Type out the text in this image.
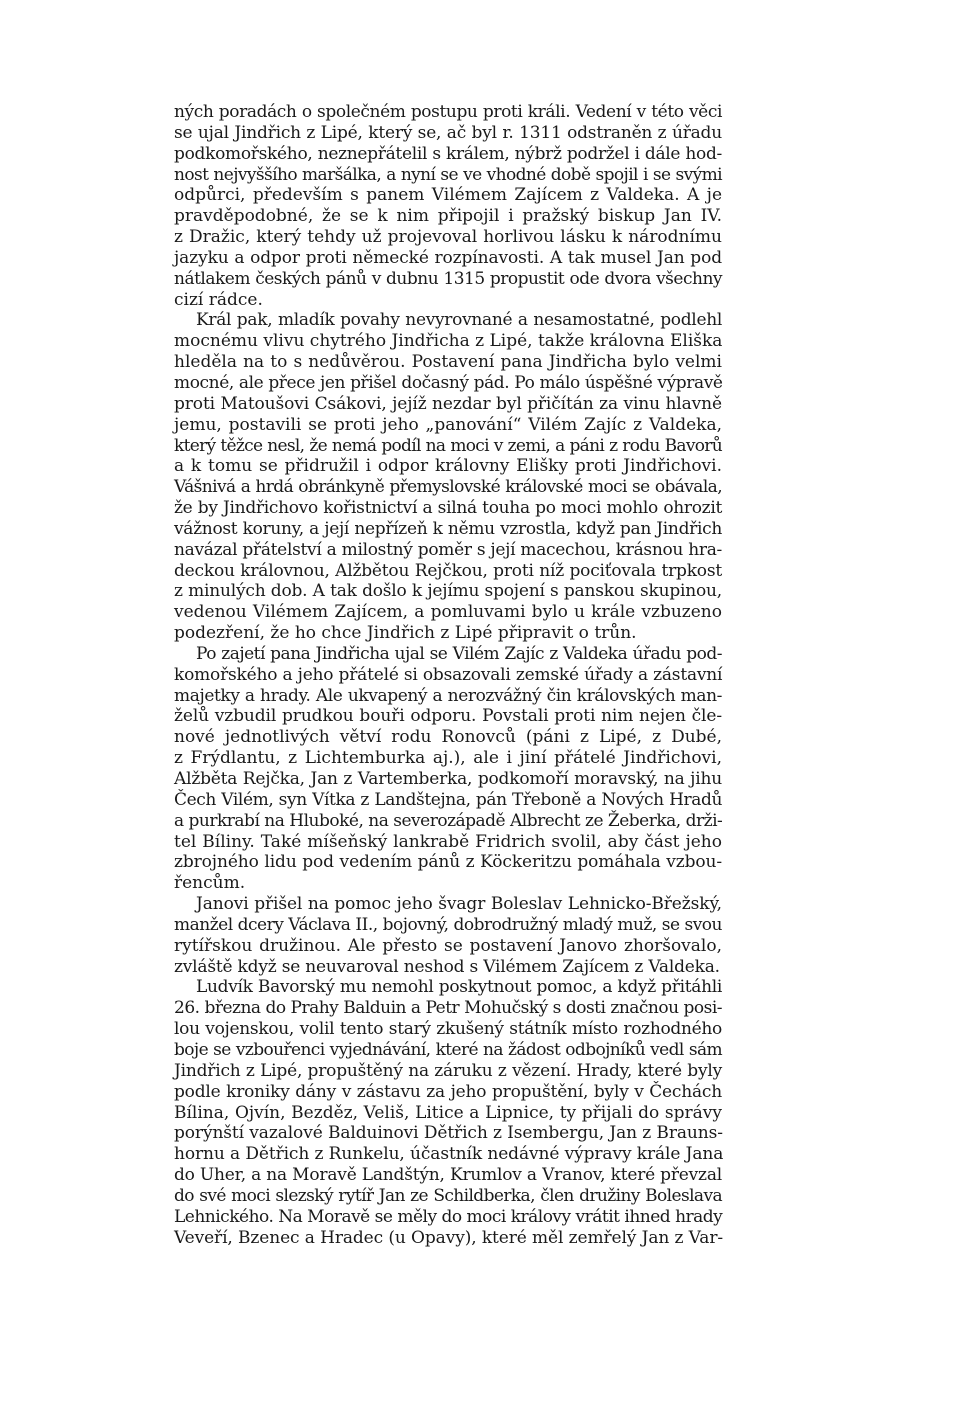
ných poradách o společném postupu proti králi. Vedení v této věci
se ujal Jindřich z Lipé, který se, ač byl r. 1311 odstraněn z úřadu
podkomořského, neznepřátelil s králem, nýbrž podržel i dále hod-
nost nejvyššího maršálka, a nyní se ve vhodné době spojil i se svými
odpůrci, především s panem Vilémem Zajícem z Valdeka. A je
pravděpodobné, že se k nim připojil i pražský biskup Jan IV.
z Dražic, který tehdy už projevoval horlivou lásku k národnímu
jazyku a odpor proti německé rozpínavosti. A tak musel Jan pod
nátlakem českých pánů v dubnu 1315 propustit ode dvora všechny
cizí rádce.
Král pak, mladík povahy nevyrovnané a nesamostatné, podlehl
mocnému vlivu chytrého Jindřicha z Lipé, takže královna Eliška
hleděla na to s nedůvěrou. Postavení pana Jindřicha bylo velmi
mocné, ale přece jen přišel dočasný pád. Po málo úspěšné výpravě
proti Matoušovi Csákovi, jejíž nezdar byl přičítán za vinu hlavně
jemu, postavili se proti jeho „panování“ Vilém Zajíc z Valdeka,
který těžce nesl, že nemá podíl na moci v zemi, a páni z rodu Bavorů
a k tomu se přidružil i odpor královny Elišky proti Jindřichovi.
Vášnivá a hrdá obránkyně přemyslovské královské moci se obávala,
že by Jindřichovo kořistnictví a silná touha po moci mohlo ohrozit
vážnost koruny, a její nepřízeň k němu vzrostla, když pan Jindřich
navázal přátelství a milostný poměr s její macechou, krásnou hra-
deckou královnou, Alžbětou Rejčkou, proti níž pociťovala trpkost
z minulých dob. A tak došlo k jejímu spojení s panskou skupinou,
vedenou Vilémem Zajícem, a pomluvami bylo u krále vzbuzeno
podezření, že ho chce Jindřich z Lipé připravit o trůn.
Po zajetí pana Jindřicha ujal se Vilém Zajíc z Valdeka úřadu pod-
komořského a jeho přátelé si obsazovali zemské úřady a zástavní
majetky a hrady. Ale ukvapený a nerozvážný čin královských man-
želů vzbudil prudkou bouři odporu. Povstali proti nim nejen čle-
nové jednotlivých větví rodu Ronovců (páni z Lipé, z Dubé,
z Frýdlantu, z Lichtemburka aj.), ale i jiní přátelé Jindřichovi,
Alžběta Rejčka, Jan z Vartemberka, podkomoří moravský, na jihu
Čech Vilém, syn Vítka z Landštejna, pán Třeboně a Nových Hradů
a purkrabí na Hluboké, na severozápadě Albrecht ze Žeberka, drži-
tel Bíliny. Také míšeňský lankrabě Fridrich svolil, aby část jeho
zbrojného lidu pod vedením pánů z Köckeritzu pomáhala vzbou-
řencům.
Janovi přišel na pomoc jeho švagr Boleslav Lehnicko-Břežský,
manžel dcery Václava II., bojovný, dobrodružný mladý muž, se svou
rytířskou družinou. Ale přesto se postavení Janovo zhoršovalo,
zvláště když se neuvaroval neshod s Vilémem Zajícem z Valdeka.
Ludvík Bavorský mu nemohl poskytnout pomoc, a když přitáhli
26. března do Prahy Balduin a Petr Mohučský s dosti značnou posi-
lou vojenskou, volil tento starý zkušený státník místo rozhodného
boje se vzbouřenci vyjednávání, které na žádost odbojníků vedl sám
Jindřich z Lipé, propuštěný na záruku z vězení. Hrady, které byly
podle kroniky dány v zástavu za jeho propuštění, byly v Čechách
Bílina, Ojvín, Bezděz, Veliš, Litice a Lipnice, ty přijali do správy
porýnští vazalové Balduinovi Dětřich z Isembergu, Jan z Brauns-
hornu a Dětřich z Runkelu, účastník nedávné výpravy krále Jana
do Uher, a na Moravě Landštýn, Krumlov a Vranov, které převzal
do své moci slezský rytíř Jan ze Schildberka, člen družiny Boleslava
Lehnického. Na Moravě se měly do moci královy vrátit ihned hrady
Veveří, Bzenec a Hradec (u Opavy), které měl zemřelý Jan z Var-
